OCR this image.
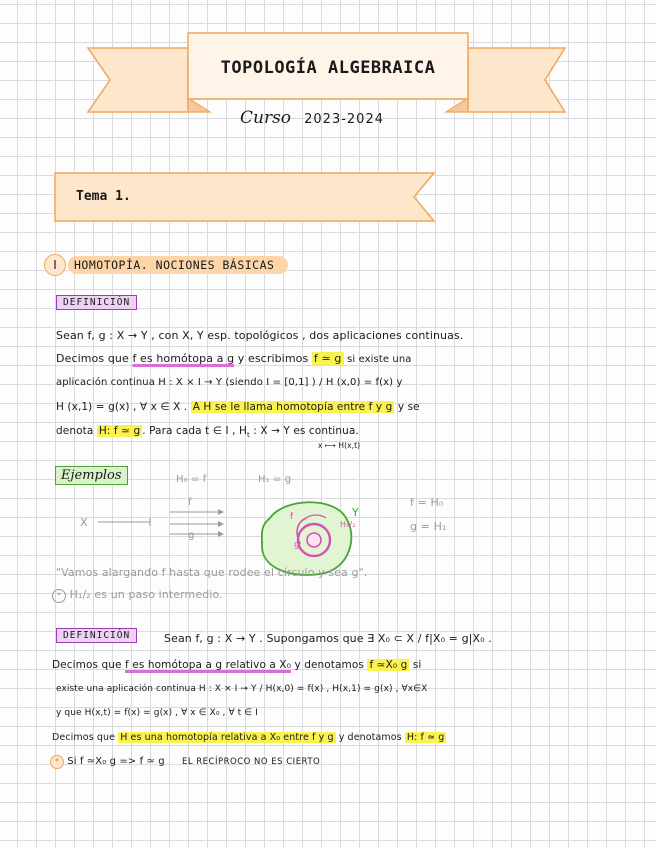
TOPOLOGÍA ALGEBRAICA
Curso 2023-2024
Tema 1.
I	HOMOTOPÍA. NOCIONES BÁSICAS
DEFINICIÓN
Sean f, g : X → Y , con X, Y esp. topológicos , dos aplicaciones continuas.
Decimos que f es homótopa a g y escribimos f ≃ g si existe una
aplicación continua H : X × I → Y (siendo I = [0,1] ) / H (x,0) = f(x) y
H (x,1) = g(x) , ∀ x ∈ X . A H se le llama homotopía entre f y g y se
denota H: f ≃ g . Para cada t ∈ I , $H_t$ : X → Y es continua.
x ⟼ H(x,t)
Ejemplos	H₀ = f	H₁ = g
X
f
g
f
g
Y
H₁/₂
f = H₀
g = H₁
"Vamos alargando f hasta que rodee el círculo y sea g".
* H₁/₂ es un paso intermedio.
DEFINICIÓN	Sean f, g : X → Y . Supongamos que ∃ X₀ ⊂ X / f|X₀ = g|X₀ .
Decimos que f es homótopa a g relativo a X₀ y denotamos f ≃X₀ g si
existe una aplicación continua H : X × I → Y / H(x,0) = f(x) , H(x,1) = g(x) , ∀x∈X
y que H(x,t) = f(x) = g(x) , ∀ x ∈ X₀ , ∀ t ∈ I
Decimos que H es una homotopía relativa a X₀ entre f y g y denotamos H: f ≃ g
* Si f ≃X₀ g => f ≃ g EL RECÍPROCO NO ES CIERTO
